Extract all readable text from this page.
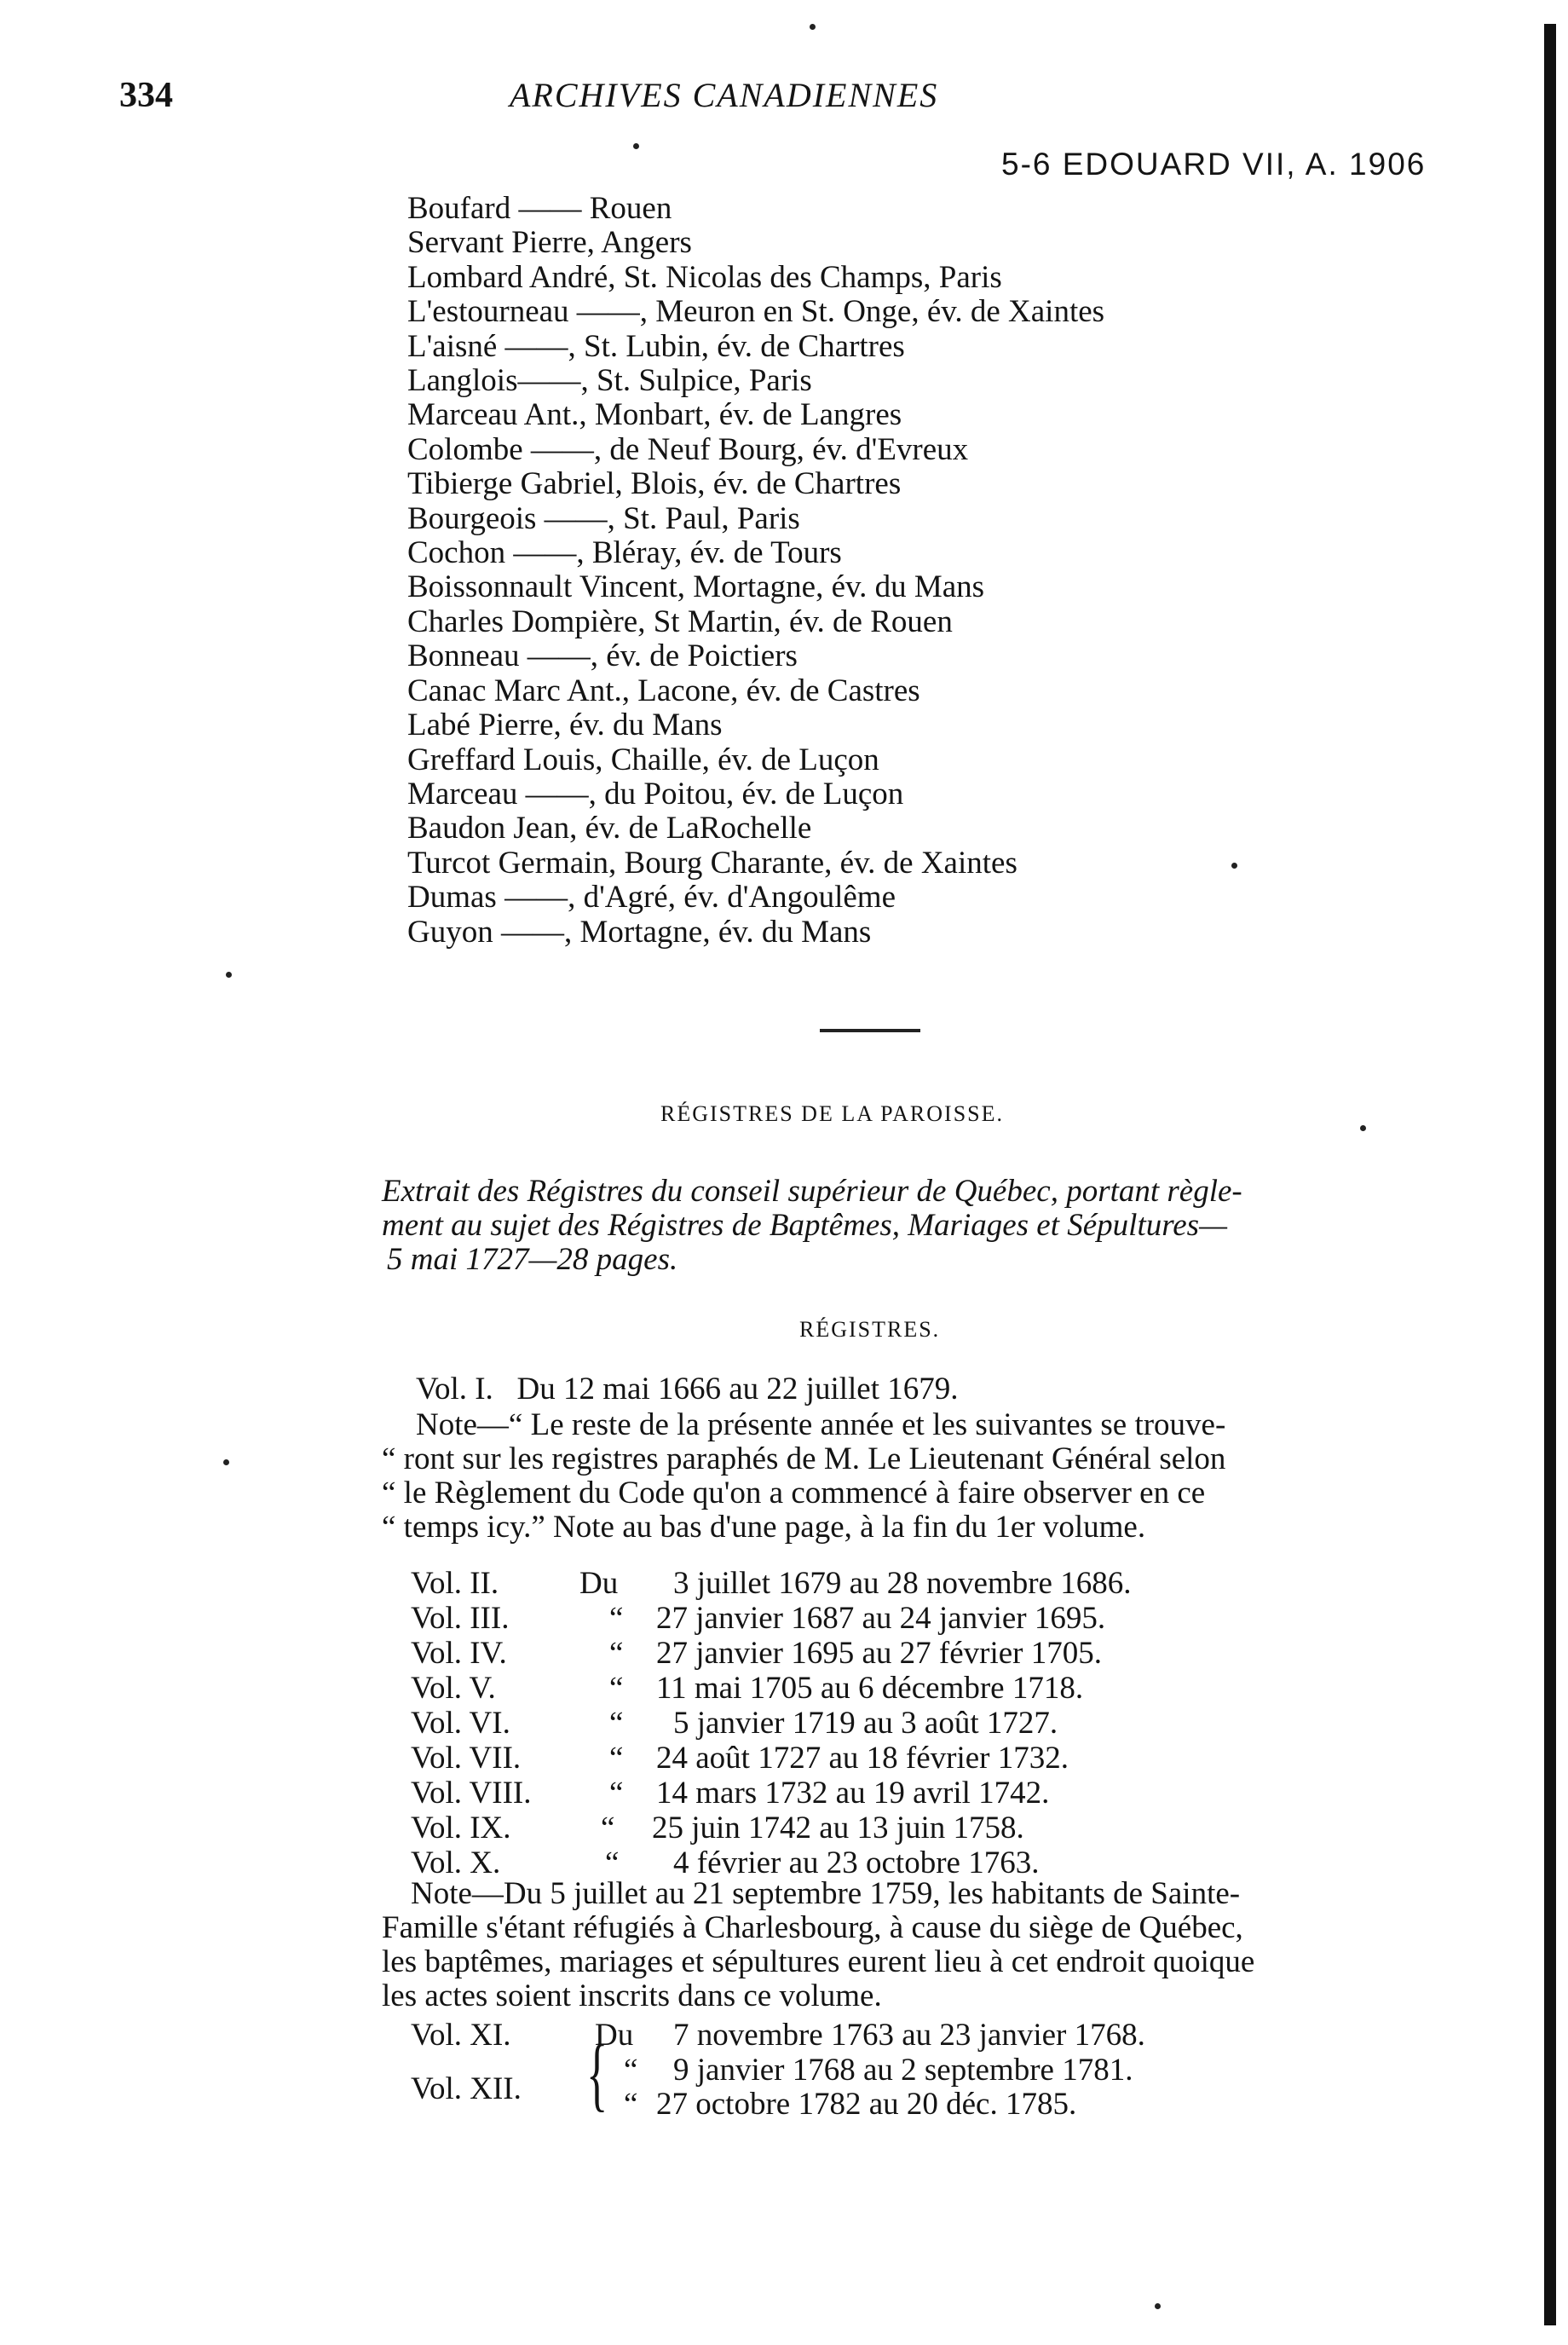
334	ARCHIVES CANADIENNES
5-6 EDOUARD VII, A. 1906
Boufard —— Rouen
Servant Pierre, Angers
Lombard André, St. Nicolas des Champs, Paris
L'estourneau ——, Meuron en St. Onge, év. de Xaintes
L'aisné ——, St. Lubin, év. de Chartres
Langlois——, St. Sulpice, Paris
Marceau Ant., Monbart, év. de Langres
Colombe ——, de Neuf Bourg, év. d'Evreux
Tibierge Gabriel, Blois, év. de Chartres
Bourgeois ——, St. Paul, Paris
Cochon ——, Bléray, év. de Tours
Boissonnault Vincent, Mortagne, év. du Mans
Charles Dompière, St Martin, év. de Rouen
Bonneau ——, év. de Poictiers
Canac Marc Ant., Lacone, év. de Castres
Labé Pierre, év. du Mans
Greffard Louis, Chaille, év. de Luçon
Marceau ——, du Poitou, év. de Luçon
Baudon Jean, év. de LaRochelle
Turcot Germain, Bourg Charante, év. de Xaintes
Dumas ——, d'Agré, év. d'Angoulême
Guyon ——, Mortagne, év. du Mans
RÉGISTRES DE LA PAROISSE.

Extrait des Régistres du conseil supérieur de Québec, portant règle-

ment au sujet des Régistres de Baptêmes, Mariages et Sépultures—

5 mai 1727—28 pages.

RÉGISTRES.

Vol. I.   Du 12 mai 1666 au 22 juillet 1679.

Note—“ Le reste de la présente année et les suivantes se trouve-

“ ront sur les registres paraphés de M. Le Lieutenant Général selon

“ le Règlement du Code qu'on a commencé à faire observer en ce

“ temps icy.” Note au bas d'une page, à la fin du 1er volume.

Vol. II.	Du 3 juillet 1679 au 28 novembre 1686.
Vol. III.	“ 27 janvier 1687 au 24 janvier 1695.
Vol. IV.	“ 27 janvier 1695 au 27 février 1705.
Vol. V.	“ 11 mai 1705 au 6 décembre 1718.
Vol. VI.	“ 5 janvier 1719 au 3 août 1727.
Vol. VII.	“ 24 août 1727 au 18 février 1732.
Vol. VIII. “ 14 mars 1732 au 19 avril 1742.
Vol. IX.	“ 25 juin 1742 au 13 juin 1758.
Vol. X.	“ 4 février au 23 octobre 1763.

Note—Du 5 juillet au 21 septembre 1759, les habitants de Sainte-

Famille s'étant réfugiés à Charlesbourg, à cause du siège de Québec,

les baptêmes, mariages et sépultures eurent lieu à cet endroit quoique

les actes soient inscrits dans ce volume.

Vol. XI.	Du 7 novembre 1763 au 23 janvier 1768.
Vol. XII. { “ 9 janvier 1768 au 2 septembre 1781.
“ 27 octobre 1782 au 20 déc. 1785.
